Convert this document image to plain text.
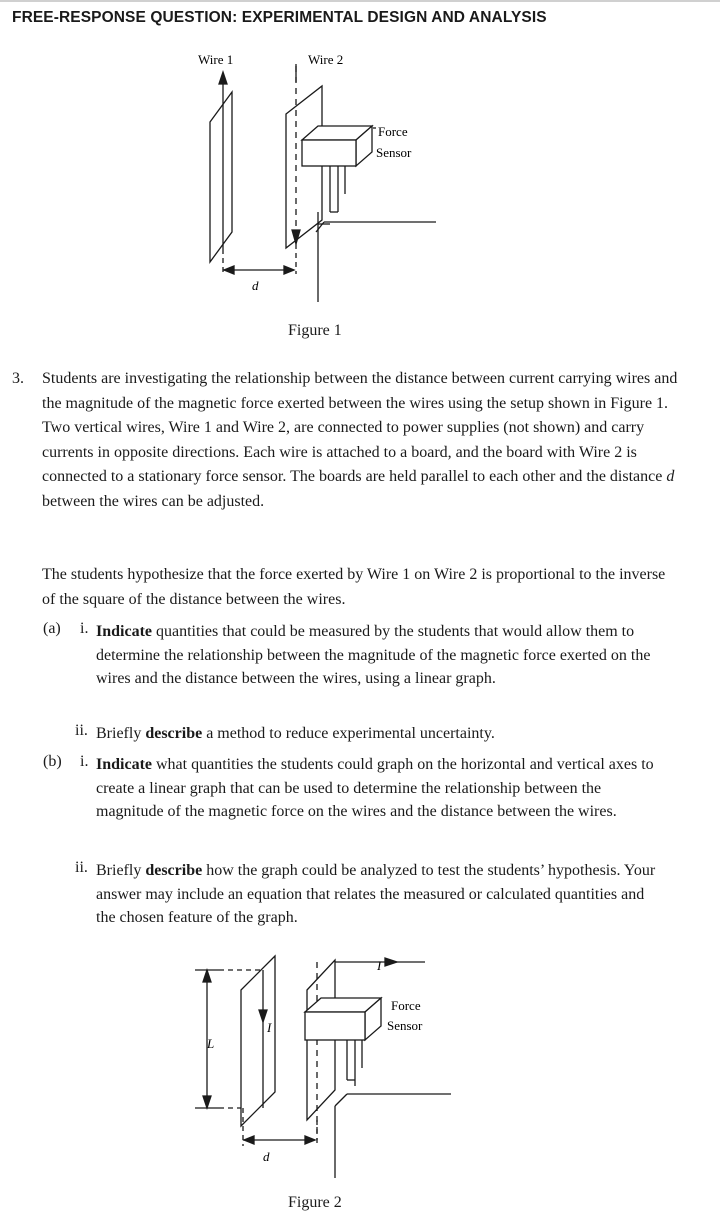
FREE-RESPONSE QUESTION: EXPERIMENTAL DESIGN AND ANALYSIS
Wire 1	Wire 2
Force
Sensor
d
Figure 1
3. Students are investigating the relationship between the distance between current carrying wires and the magnitude of the magnetic force exerted between the wires using the setup shown in Figure 1. Two vertical wires, Wire 1 and Wire 2, are connected to power supplies (not shown) and carry currents in opposite directions. Each wire is attached to a board, and the board with Wire 2 is connected to a stationary force sensor. The boards are held parallel to each other and the distance d between the wires can be adjusted.

The students hypothesize that the force exerted by Wire 1 on Wire 2 is proportional to the inverse of the square of the distance between the wires.

(a) i. Indicate quantities that could be measured by the students that would allow them to determine the relationship between the magnitude of the magnetic force exerted on the wires and the distance between the wires, using a linear graph.

ii. Briefly describe a method to reduce experimental uncertainty.

(b) i. Indicate what quantities the students could graph on the horizontal and vertical axes to create a linear graph that can be used to determine the relationship between the magnitude of the magnetic force on the wires and the distance between the wires.

ii. Briefly describe how the graph could be analyzed to test the students’ hypothesis. Your answer may include an equation that relates the measured or calculated quantities and the chosen feature of the graph.

I
I
L
Force
Sensor
d
Figure 2
